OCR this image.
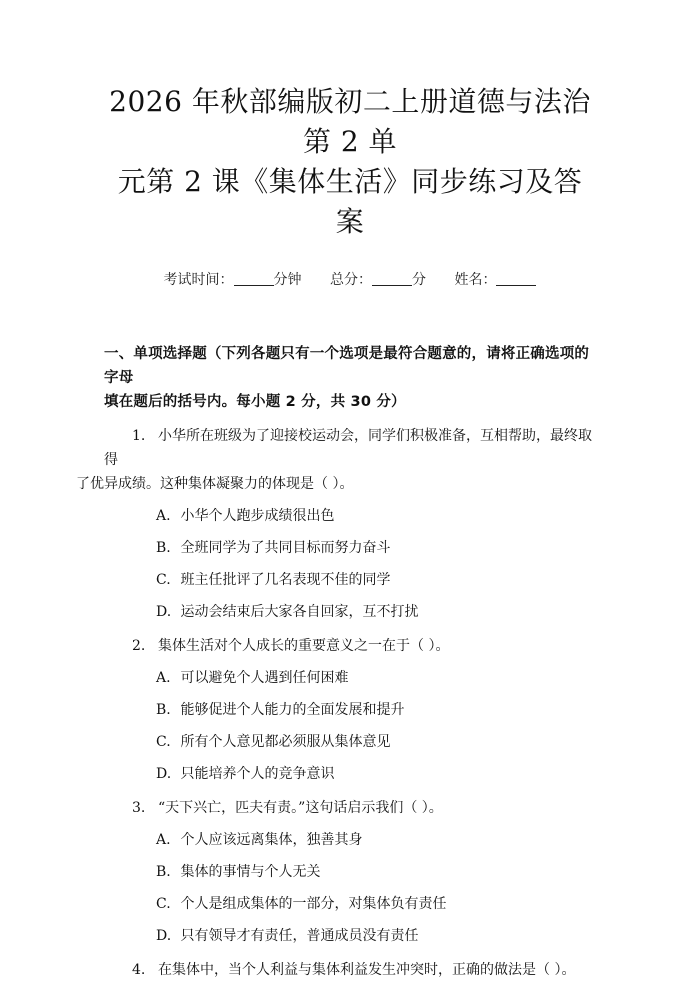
2026 年秋部编版初二上册道德与法治第 2 单
元第 2 课《集体生活》同步练习及答案
考试时间：	分钟 总分：	分 姓名：
一、单项选择题（下列各题只有一个选项是最符合题意的，请将正确选项的字母
填在题后的括号内。每小题 2 分，共 30 分）
1. 小华所在班级为了迎接校运动会，同学们积极准备，互相帮助，最终取得
了优异成绩。这种集体凝聚力的体现是（ ）。
A. 小华个人跑步成绩很出色
B. 全班同学为了共同目标而努力奋斗
C. 班主任批评了几名表现不佳的同学
D. 运动会结束后大家各自回家，互不打扰
2. 集体生活对个人成长的重要意义之一在于（ ）。
A. 可以避免个人遇到任何困难
B. 能够促进个人能力的全面发展和提升
C. 所有个人意见都必须服从集体意见
D. 只能培养个人的竞争意识
3. “天下兴亡，匹夫有责。”这句话启示我们（ ）。
A. 个人应该远离集体，独善其身
B. 集体的事情与个人无关
C. 个人是组成集体的一部分，对集体负有责任
D. 只有领导才有责任，普通成员没有责任
4. 在集体中，当个人利益与集体利益发生冲突时，正确的做法是（ ）。
